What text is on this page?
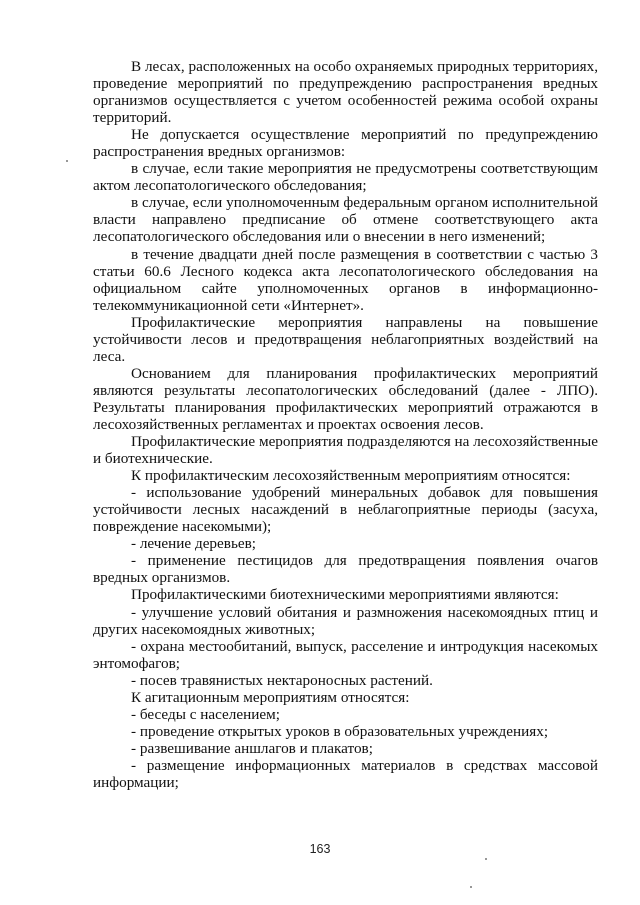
В лесах, расположенных на особо охраняемых природных территориях, проведение мероприятий по предупреждению распространения вредных организмов осуществляется с учетом особенностей режима особой охраны территорий.

Не допускается осуществление мероприятий по предупреждению распространения вредных организмов:

в случае, если такие мероприятия не предусмотрены соответствующим актом лесопатологического обследования;

в случае, если уполномоченным федеральным органом исполнительной власти направлено предписание об отмене соответствующего акта лесопатологического обследования или о внесении в него изменений;

в течение двадцати дней после размещения в соответствии с частью 3 статьи 60.6 Лесного кодекса акта лесопатологического обследования на официальном сайте уполномоченных органов в информационно-телекоммуникационной сети «Интернет».

Профилактические мероприятия направлены на повышение устойчивости лесов и предотвращения неблагоприятных воздействий на леса.

Основанием для планирования профилактических мероприятий являются результаты лесопатологических обследований (далее - ЛПО). Результаты планирования профилактических мероприятий отражаются в лесохозяйственных регламентах и проектах освоения лесов.

Профилактические мероприятия подразделяются на лесохозяйственные и биотехнические.

К профилактическим лесохозяйственным мероприятиям относятся:

- использование удобрений минеральных добавок для повышения устойчивости лесных насаждений в неблагоприятные периоды (засуха, повреждение насекомыми);

- лечение деревьев;

- применение пестицидов для предотвращения появления очагов вредных организмов.

Профилактическими биотехническими мероприятиями являются:

- улучшение условий обитания и размножения насекомоядных птиц и других насекомоядных животных;

- охрана местообитаний, выпуск, расселение и интродукция насекомых энтомофагов;

- посев травянистых нектароносных растений.

К агитационным мероприятиям относятся:

- беседы с населением;

- проведение открытых уроков в образовательных учреждениях;

- развешивание аншлагов и плакатов;

- размещение информационных материалов в средствах массовой информации;

163
